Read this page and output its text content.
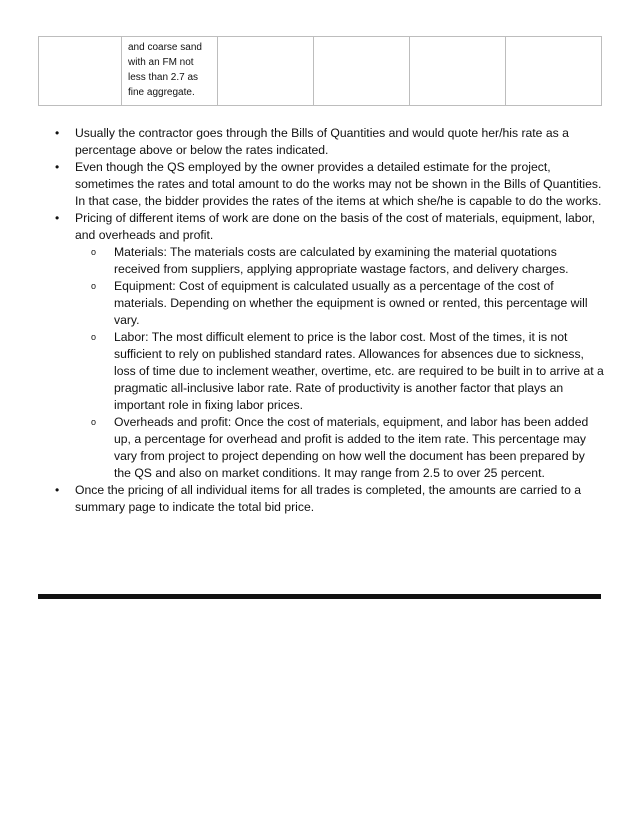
and coarse sand
with an FM not
less than 2.7 as
fine aggregate.

•	Usually the contractor goes through the Bills of Quantities and would quote her/his rate as a percentage above or below the rates indicated.
•	Even though the QS employed by the owner provides a detailed estimate for the project, sometimes the rates and total amount to do the works may not be shown in the Bills of Quantities. In that case, the bidder provides the rates of the items at which she/he is capable to do the works.
•	Pricing of different items of work are done on the basis of the cost of materials, equipment, labor, and overheads and profit.
o Materials: The materials costs are calculated by examining the material quotations received from suppliers, applying appropriate wastage factors, and delivery charges.
o Equipment: Cost of equipment is calculated usually as a percentage of the cost of materials. Depending on whether the equipment is owned or rented, this percentage will vary.
o Labor: The most difficult element to price is the labor cost. Most of the times, it is not sufficient to rely on published standard rates. Allowances for absences due to sickness, loss of time due to inclement weather, overtime, etc. are required to be built in to arrive at a pragmatic all-inclusive labor rate. Rate of productivity is another factor that plays an important role in fixing labor prices.
o Overheads and profit: Once the cost of materials, equipment, and labor has been added up, a percentage for overhead and profit is added to the item rate. This percentage may vary from project to project depending on how well the document has been prepared by the QS and also on market conditions. It may range from 2.5 to over 25 percent.
•	Once the pricing of all individual items for all trades is completed, the amounts are carried to a summary page to indicate the total bid price.
